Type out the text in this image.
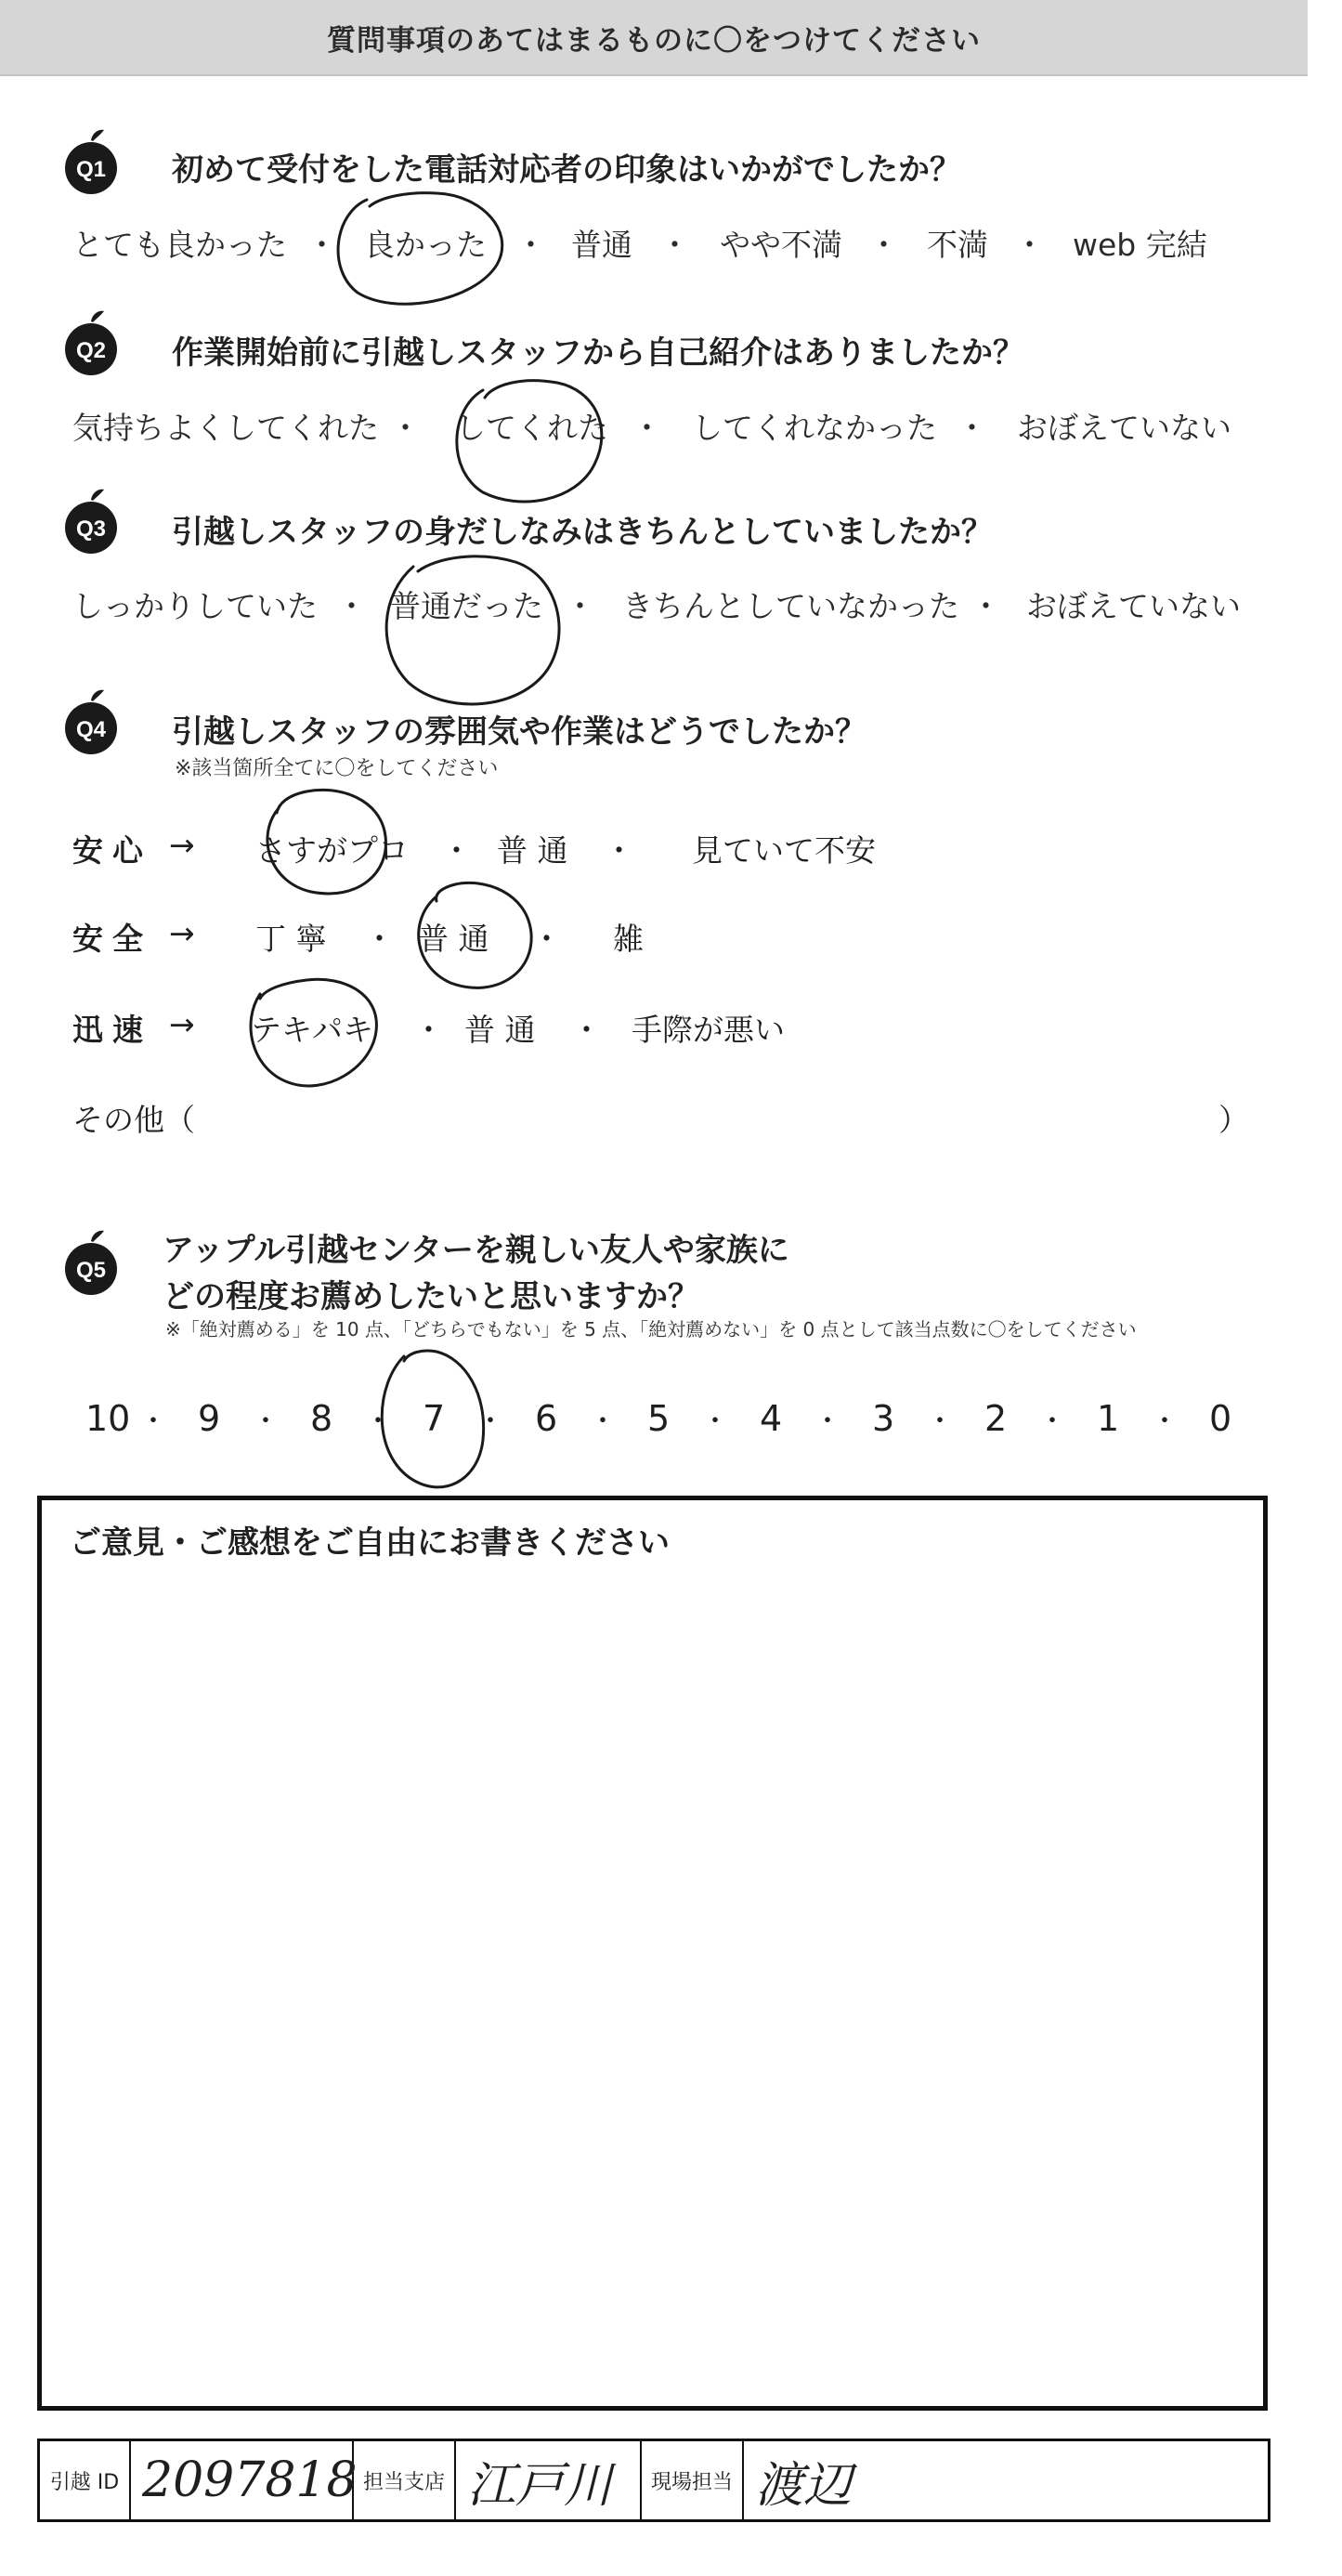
質問事項のあてはまるものに〇をつけてください
Q1 初めて受付をした電話対応者の印象はいかがでしたか？
とても良かった ・ 良かった ・ 普通 ・ やや不満 ・ 不満 ・ web 完結
Q2 作業開始前に引越しスタッフから自己紹介はありましたか？
気持ちよくしてくれた ・ してくれた ・ してくれなかった ・ おぼえていない
Q3 引越しスタッフの身だしなみはきちんとしていましたか？
しっかりしていた ・ 普通だった ・ きちんとしていなかった ・ おぼえていない
Q4 引越しスタッフの雰囲気や作業はどうでしたか？
※該当箇所全てに〇をしてください
安心 → さすがプロ ・ 普 通 ・ 見ていて不安
安全 → 丁 寧 ・ 普 通 ・ 雑
迅速 → テキパキ ・ 普 通 ・ 手際が悪い
その他（	）
Q5
アップル引越センターを親しい友人や家族に
どの程度お薦めしたいと思いますか？
※「絶対薦める」を 10 点、「どちらでもない」を 5 点、「絶対薦めない」を 0 点として該当点数に〇をしてください
10 ・ 9 ・ 8 ・ 7 ・ 6 ・ 5 ・ 4 ・ 3 ・ 2 ・ 1 ・ 0
ご意見・ご感想をご自由にお書きください
引越 ID 2097818 担当支店 江戸川	現場担当 渡辺
